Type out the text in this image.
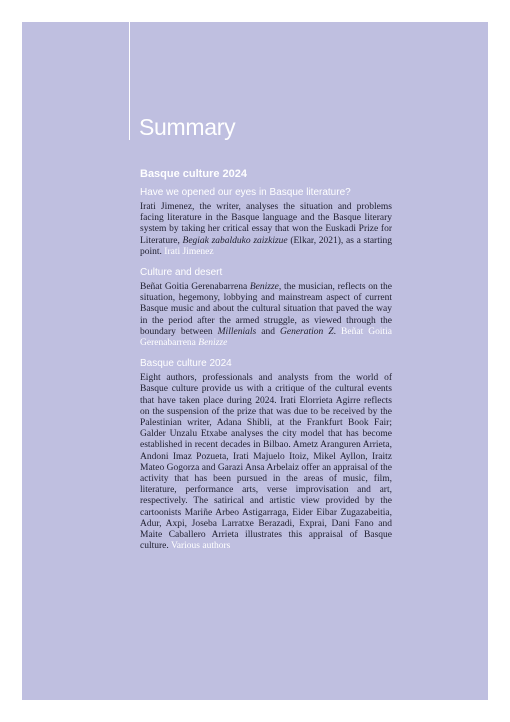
Summary

Basque culture 2024

Have we opened our eyes in Basque literature?

Irati Jimenez, the writer, analyses the situation and problems facing literature in the Basque language and the Basque literary system by taking her critical essay that won the Euskadi Prize for Literature, Begiak zabalduko zaizkizue (Elkar, 2021), as a starting point. Irati Jimenez

Culture and desert

Beñat Goitia Gerenabarrena Benizze, the musician, reflects on the situation, hegemony, lobbying and mainstream aspect of current Basque music and about the cultural situation that paved the way in the period after the armed struggle, as viewed through the boundary between Millenials and Generation Z. Beñat Goitia Gerenabarrena Benizze

Basque culture 2024

Eight authors, professionals and analysts from the world of Basque culture provide us with a critique of the cultural events that have taken place during 2024. Irati Elorrieta Agirre reflects on the suspension of the prize that was due to be received by the Palestinian writer, Adana Shibli, at the Frankfurt Book Fair; Galder Unzalu Etxabe analyses the city model that has become established in recent decades in Bilbao. Ametz Aranguren Arrieta, Andoni Imaz Pozueta, Irati Majuelo Itoiz, Mikel Ayllon, Iraitz Mateo Gogorza and Garazi Ansa Arbelaiz offer an appraisal of the activity that has been pursued in the areas of music, film, literature, performance arts, verse improvisation and art, respectively. The satirical and artistic view provided by the cartoonists Mariñe Arbeo Astigarraga, Eider Eibar Zugazabeitia, Adur, Axpi, Joseba Larratxe Berazadi, Exprai, Dani Fano and Maite Caballero Arrieta illustrates this appraisal of Basque culture. Various authors
